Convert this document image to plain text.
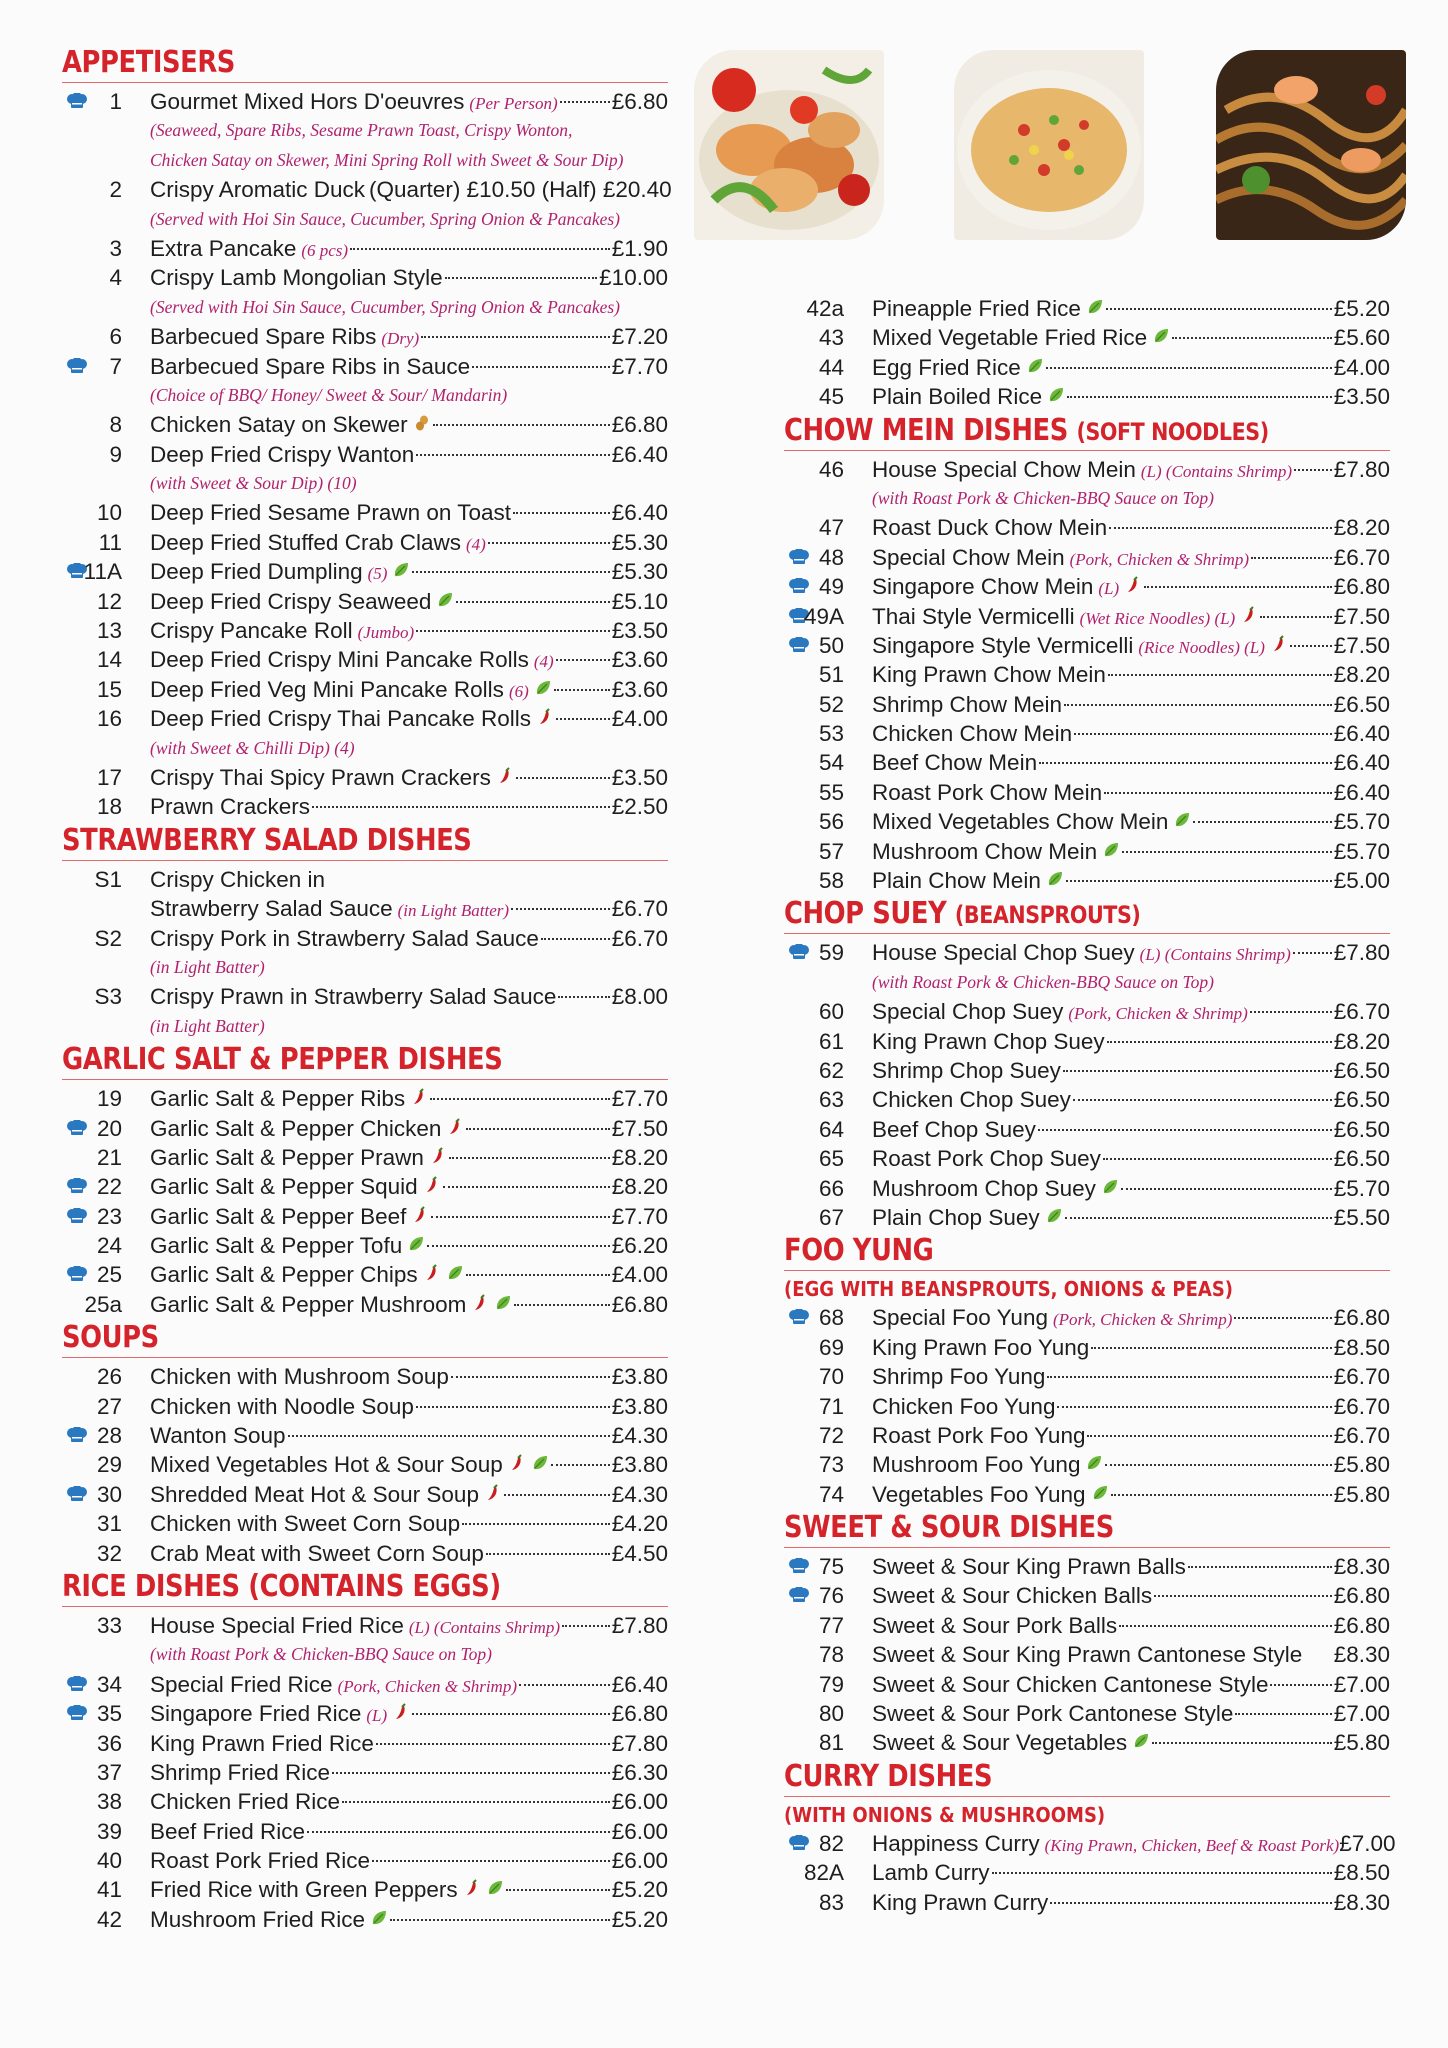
APPETISERS
1 Gourmet Mixed Hors D'oeuvres (Per Person) £6.80
(Seaweed, Spare Ribs, Sesame Prawn Toast, Crispy Wonton,
Chicken Satay on Skewer, Mini Spring Roll with Sweet & Sour Dip)
2 Crispy Aromatic Duck (Quarter) £10.50 (Half) £20.40
(Served with Hoi Sin Sauce, Cucumber, Spring Onion & Pancakes)
3 Extra Pancake (6 pcs)	£1.90
4 Crispy Lamb Mongolian Style	£10.00
(Served with Hoi Sin Sauce, Cucumber, Spring Onion & Pancakes)
6 Barbecued Spare Ribs (Dry)	£7.20
7 Barbecued Spare Ribs in Sauce	£7.70
(Choice of BBQ/ Honey/ Sweet & Sour/ Mandarin)
8 Chicken Satay on Skewer	£6.80
9 Deep Fried Crispy Wanton	£6.40
(with Sweet & Sour Dip) (10)
10 Deep Fried Sesame Prawn on Toast	£6.40
11 Deep Fried Stuffed Crab Claws (4)	£5.30
11A Deep Fried Dumpling (5)	£5.30
12 Deep Fried Crispy Seaweed	£5.10
13 Crispy Pancake Roll (Jumbo)	£3.50
14 Deep Fried Crispy Mini Pancake Rolls (4)	£3.60
15 Deep Fried Veg Mini Pancake Rolls (6)	£3.60
16 Deep Fried Crispy Thai Pancake Rolls	£4.00
(with Sweet & Chilli Dip) (4)
17 Crispy Thai Spicy Prawn Crackers	£3.50
18 Prawn Crackers	£2.50
STRAWBERRY SALAD DISHES
S1 Crispy Chicken in
Strawberry Salad Sauce (in Light Batter)	£6.70
S2 Crispy Pork in Strawberry Salad Sauce	£6.70
(in Light Batter)
S3 Crispy Prawn in Strawberry Salad Sauce £8.00
(in Light Batter)
GARLIC SALT & PEPPER DISHES
19 Garlic Salt & Pepper Ribs	£7.70
20 Garlic Salt & Pepper Chicken	£7.50
21 Garlic Salt & Pepper Prawn	£8.20
22 Garlic Salt & Pepper Squid	£8.20
23 Garlic Salt & Pepper Beef	£7.70
24 Garlic Salt & Pepper Tofu	£6.20
25 Garlic Salt & Pepper Chips	£4.00
25a Garlic Salt & Pepper Mushroom	£6.80
SOUPS
26 Chicken with Mushroom Soup	£3.80
27 Chicken with Noodle Soup	£3.80
28 Wanton Soup	£4.30
29 Mixed Vegetables Hot & Sour Soup	£3.80
30 Shredded Meat Hot & Sour Soup	£4.30
31 Chicken with Sweet Corn Soup	£4.20
32 Crab Meat with Sweet Corn Soup	£4.50
RICE DISHES (CONTAINS EGGS)
33 House Special Fried Rice (L) (Contains Shrimp) £7.80
(with Roast Pork & Chicken-BBQ Sauce on Top)
34 Special Fried Rice (Pork, Chicken & Shrimp)	£6.40
35 Singapore Fried Rice (L)	£6.80
36 King Prawn Fried Rice	£7.80
37 Shrimp Fried Rice	£6.30
38 Chicken Fried Rice	£6.00
39 Beef Fried Rice	£6.00
40 Roast Pork Fried Rice	£6.00
41 Fried Rice with Green Peppers	£5.20
42 Mushroom Fried Rice	£5.20
42a Pineapple Fried Rice	£5.20
43 Mixed Vegetable Fried Rice	£5.60
44 Egg Fried Rice	£4.00
45 Plain Boiled Rice	£3.50
CHOW MEIN DISHES (SOFT NOODLES)
46 House Special Chow Mein (L) (Contains Shrimp) £7.80
(with Roast Pork & Chicken-BBQ Sauce on Top)
47 Roast Duck Chow Mein	£8.20
48 Special Chow Mein (Pork, Chicken & Shrimp)	£6.70
49 Singapore Chow Mein (L)	£6.80
49A Thai Style Vermicelli (Wet Rice Noodles) (L)	£7.50
50 Singapore Style Vermicelli (Rice Noodles) (L)	£7.50
51 King Prawn Chow Mein	£8.20
52 Shrimp Chow Mein	£6.50
53 Chicken Chow Mein	£6.40
54 Beef Chow Mein	£6.40
55 Roast Pork Chow Mein	£6.40
56 Mixed Vegetables Chow Mein	£5.70
57 Mushroom Chow Mein	£5.70
58 Plain Chow Mein	£5.00
CHOP SUEY (BEANSPROUTS)
59 House Special Chop Suey (L) (Contains Shrimp) £7.80
(with Roast Pork & Chicken-BBQ Sauce on Top)
60 Special Chop Suey (Pork, Chicken & Shrimp)	£6.70
61 King Prawn Chop Suey	£8.20
62 Shrimp Chop Suey	£6.50
63 Chicken Chop Suey	£6.50
64 Beef Chop Suey	£6.50
65 Roast Pork Chop Suey	£6.50
66 Mushroom Chop Suey	£5.70
67 Plain Chop Suey	£5.50
FOO YUNG
(EGG WITH BEANSPROUTS, ONIONS & PEAS)
68 Special Foo Yung (Pork, Chicken & Shrimp)	£6.80
69 King Prawn Foo Yung	£8.50
70 Shrimp Foo Yung	£6.70
71 Chicken Foo Yung	£6.70
72 Roast Pork Foo Yung	£6.70
73 Mushroom Foo Yung	£5.80
74 Vegetables Foo Yung	£5.80
SWEET & SOUR DISHES
75 Sweet & Sour King Prawn Balls	£8.30
76 Sweet & Sour Chicken Balls	£6.80
77 Sweet & Sour Pork Balls	£6.80
78 Sweet & Sour King Prawn Cantonese Style £8.30
79 Sweet & Sour Chicken Cantonese Style	£7.00
80 Sweet & Sour Pork Cantonese Style	£7.00
81 Sweet & Sour Vegetables	£5.80
CURRY DISHES
(WITH ONIONS & MUSHROOMS)
82 Happiness Curry (King Prawn, Chicken, Beef & Roast Pork) £7.00
82A Lamb Curry	£8.50
83 King Prawn Curry	£8.30
